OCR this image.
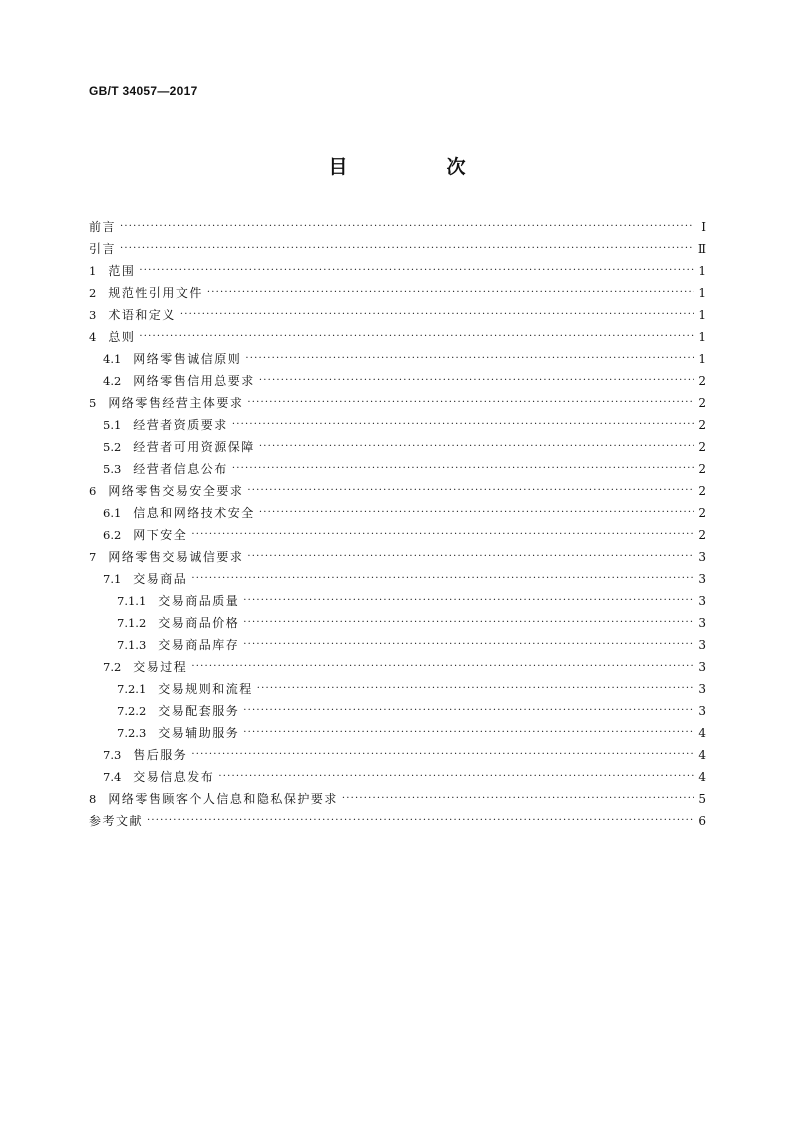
GB/T 34057—2017
目　次
前言 ·····	Ⅰ
引言 ·····	Ⅱ
1 范围 ·····	1
2 规范性引用文件 ·····	1
3 术语和定义 ·····	1
4 总则 ·····	1
4.1 网络零售诚信原则 ·····	1
4.2 网络零售信用总要求 ·····	2
5 网络零售经营主体要求 ·····	2
5.1 经营者资质要求 ·····	2
5.2 经营者可用资源保障 ·····	2
5.3 经营者信息公布 ·····	2
6 网络零售交易安全要求 ·····	2
6.1 信息和网络技术安全 ·····	2
6.2 网下安全 ·····	2
7 网络零售交易诚信要求 ·····	3
7.1 交易商品 ·····	3
7.1.1 交易商品质量 ·····	3
7.1.2 交易商品价格 ·····	3
7.1.3 交易商品库存 ·····	3
7.2 交易过程 ·····	3
7.2.1 交易规则和流程 ·····	3
7.2.2 交易配套服务 ·····	3
7.2.3 交易辅助服务 ·····	4
7.3 售后服务 ·····	4
7.4 交易信息发布 ·····	4
8 网络零售顾客个人信息和隐私保护要求 ·····	5
参考文献 ·····	6
